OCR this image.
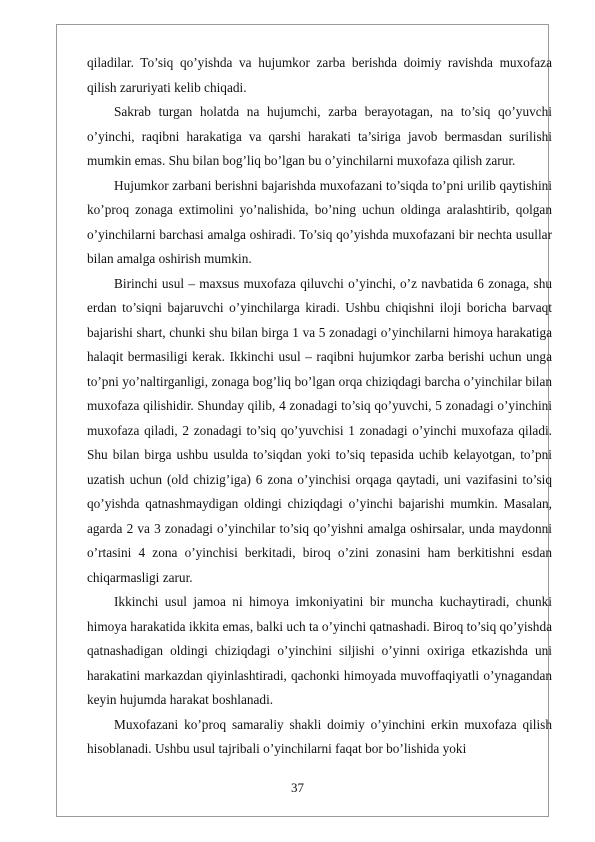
qiladilar. To’siq qo’yishda va hujumkor zarba berishda doimiy ravishda muxofaza qilish zaruriyati kelib chiqadi.

Sakrab turgan holatda na hujumchi, zarba berayotagan, na to’siq qo’yuvchi o’yinchi, raqibni harakatiga va qarshi harakati ta’siriga javob bermasdan surilishi mumkin emas. Shu bilan bog’liq bo’lgan bu o’yinchilarni muxofaza qilish zarur.

Hujumkor zarbani berishni bajarishda muxofazani to’siqda to’pni urilib qaytishini ko’proq zonaga extimolini yo’nalishida, bo’ning uchun oldinga aralashtirib, qolgan o’yinchilarni barchasi amalga oshiradi. To’siq qo’yishda muxofazani bir nechta usullar bilan amalga oshirish mumkin.

Birinchi usul – maxsus muxofaza qiluvchi o’yinchi, o’z navbatida 6 zonaga, shu erdan to’siqni bajaruvchi o’yinchilarga kiradi. Ushbu chiqishni iloji boricha barvaqt bajarishi shart, chunki shu bilan birga 1 va 5 zonadagi o’yinchilarni himoya harakatiga halaqit bermasiligi kerak. Ikkinchi usul – raqibni hujumkor zarba berishi uchun unga to’pni yo’naltirganligi, zonaga bog’liq bo’lgan orqa chiziqdagi barcha o’yinchilar bilan muxofaza qilishidir. Shunday qilib, 4 zonadagi to’siq qo’yuvchi, 5 zonadagi o’yinchini muxofaza qiladi, 2 zonadagi to’siq qo’yuvchisi 1 zonadagi o’yinchi muxofaza qiladi. Shu bilan birga ushbu usulda to’siqdan yoki to’siq tepasida uchib kelayotgan, to’pni uzatish uchun (old chizig’iga) 6 zona o’yinchisi orqaga qaytadi, uni vazifasini to’siq qo’yishda qatnashmaydigan oldingi chiziqdagi o’yinchi bajarishi mumkin. Masalan, agarda 2 va 3 zonadagi o’yinchilar to’siq qo’yishni amalga oshirsalar, unda maydonni o’rtasini 4 zona o’yinchisi berkitadi, biroq o’zini zonasini ham berkitishni esdan chiqarmasligi zarur.

Ikkinchi usul jamoa ni himoya imkoniyatini bir muncha kuchaytiradi, chunki himoya harakatida ikkita emas, balki uch ta o’yinchi qatnashadi. Biroq to’siq qo’yishda qatnashadigan oldingi chiziqdagi o’yinchini siljishi o’yinni oxiriga etkazishda uni harakatini markazdan qiyinlashtiradi, qachonki himoyada muvoffaqiyatli o’ynagandan keyin hujumda harakat boshlanadi.

Muxofazani ko’proq samaraliy shakli doimiy o’yinchini erkin muxofaza qilish hisoblanadi. Ushbu usul tajribali o’yinchilarni faqat bor bo’lishida yoki

37
